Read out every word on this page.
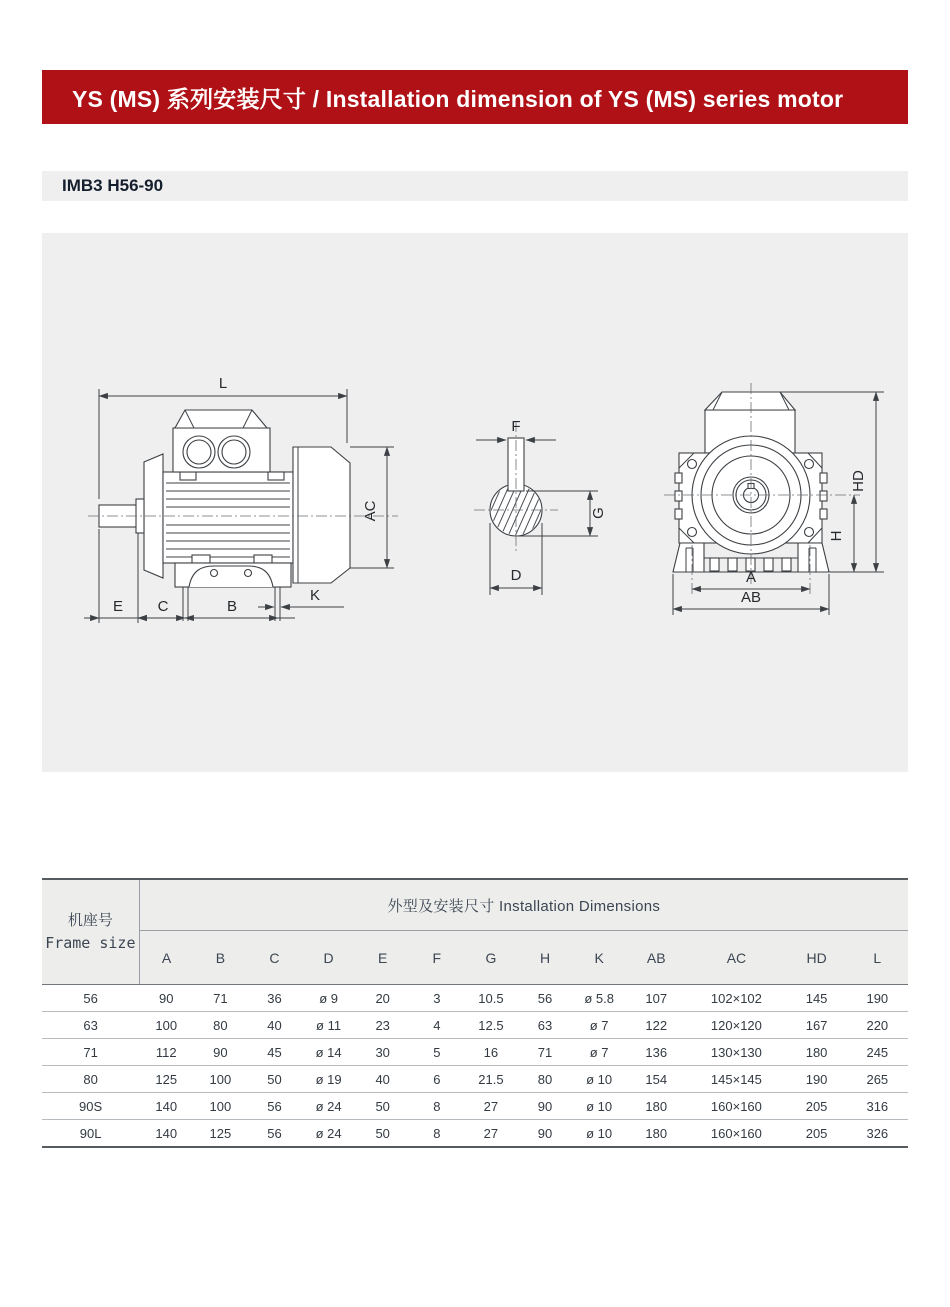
YS (MS) 系列安装尺寸 / Installation dimension of YS (MS) series motor
IMB3 H56-90
L
AC
E C	B
K
F
G
D
HD
H
A
AB
机座号
Frame size	外型及安装尺寸 Installation Dimensions												
	A	B	C	D	E	F	G	H	K	AB	AC	HD	L
56	90	71	36	ø 9	20	3	10.5	56	ø 5.8	107	102×102	145	190
63	100	80	40	ø 11	23	4	12.5	63	ø 7	122	120×120	167	220
71	112	90	45	ø 14	30	5	16	71	ø 7	136	130×130	180	245
80	125	100	50	ø 19	40	6	21.5	80	ø 10	154	145×145	190	265
90S	140	100	56	ø 24	50	8	27	90	ø 10	180	160×160	205	316
90L	140	125	56	ø 24	50	8	27	90	ø 10	180	160×160	205	326
